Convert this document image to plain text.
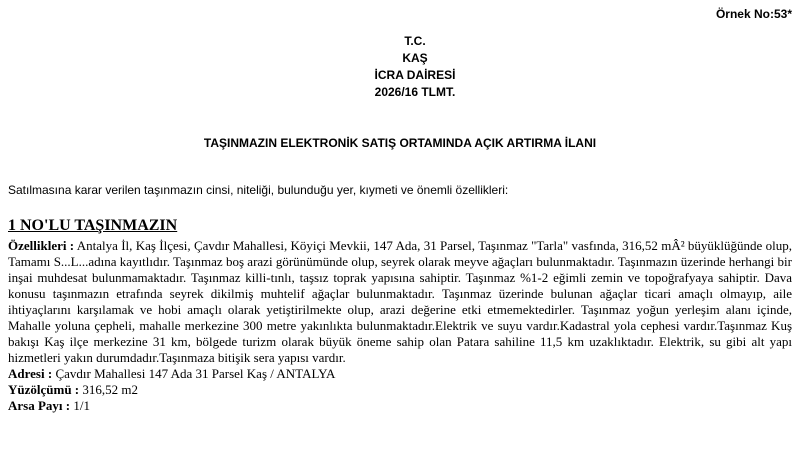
Örnek No:53*
T.C.
KAŞ
İCRA DAİRESİ
2026/16 TLMT.
TAŞINMAZIN ELEKTRONİK SATIŞ ORTAMINDA AÇIK ARTIRMA İLANI
Satılmasına karar verilen taşınmazın cinsi, niteliği, bulunduğu yer, kıymeti ve önemli özellikleri:
1 NO'LU TAŞINMAZIN

Özellikleri : Antalya İl, Kaş İlçesi, Çavdır Mahallesi, Köyiçi Mevkii, 147 Ada, 31 Parsel, Taşınmaz "Tarla" vasfında, 316,52 mÂ² büyüklüğünde olup, Tamamı S...L...adına kayıtlıdır. Taşınmaz boş arazi görünümünde olup, seyrek olarak meyve ağaçları bulunmaktadır. Taşınmazın üzerinde herhangi bir inşai muhdesat bulunmamaktadır. Taşınmaz killi-tınlı, taşsız toprak yapısına sahiptir. Taşınmaz %1-2 eğimli zemin ve topoğrafyaya sahiptir. Dava konusu taşınmazın etrafında seyrek dikilmiş muhtelif ağaçlar bulunmaktadır. Taşınmaz üzerinde bulunan ağaçlar ticari amaçlı olmayıp, aile ihtiyaçlarını karşılamak ve hobi amaçlı olarak yetiştirilmekte olup, arazi değerine etki etmemektedirler. Taşınmaz yoğun yerleşim alanı içinde, Mahalle yoluna çepheli, mahalle merkezine 300 metre yakınlıkta bulunmaktadır.Elektrik ve suyu vardır.Kadastral yola cephesi vardır.Taşınmaz Kuş bakışı Kaş ilçe merkezine 31 km, bölgede turizm olarak büyük öneme sahip olan Patara sahiline 11,5 km uzaklıktadır. Elektrik, su gibi alt yapı hizmetleri yakın durumdadır.Taşınmaza bitişik sera yapısı vardır.

Adresi : Çavdır Mahallesi 147 Ada 31 Parsel Kaş / ANTALYA

Yüzölçümü : 316,52 m2

Arsa Payı : 1/1
